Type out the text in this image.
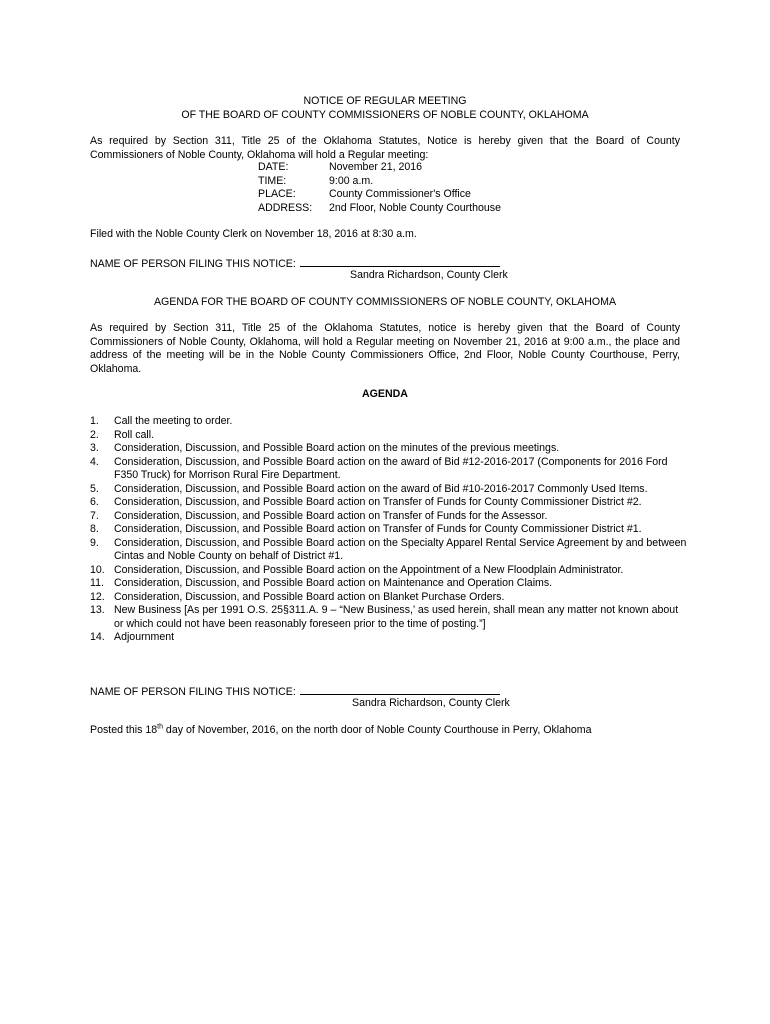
NOTICE OF REGULAR MEETING
OF THE BOARD OF COUNTY COMMISSIONERS OF NOBLE COUNTY, OKLAHOMA
As required by Section 311, Title 25 of the Oklahoma Statutes, Notice is hereby given that the Board of County Commissioners of Noble County, Oklahoma will hold a Regular meeting:
DATE:	November 21, 2016
TIME:	9:00 a.m.
PLACE:	County Commissioner's Office
ADDRESS:	2nd Floor, Noble County Courthouse
Filed with the Noble County Clerk on November 18, 2016 at 8:30 a.m.
NAME OF PERSON FILING THIS NOTICE:
Sandra Richardson, County Clerk
AGENDA FOR THE BOARD OF COUNTY COMMISSIONERS OF NOBLE COUNTY, OKLAHOMA
As required by Section 311, Title 25 of the Oklahoma Statutes, notice is hereby given that the Board of County Commissioners of Noble County, Oklahoma, will hold a Regular meeting on November 21, 2016 at 9:00 a.m., the place and address of the meeting will be in the Noble County Commissioners Office, 2nd Floor, Noble County Courthouse, Perry, Oklahoma.
AGENDA
1. Call the meeting to order.
2. Roll call.
3. Consideration, Discussion, and Possible Board action on the minutes of the previous meetings.
4. Consideration, Discussion, and Possible Board action on the award of Bid #12-2016-2017 (Components for 2016 Ford F350 Truck) for Morrison Rural Fire Department.
5. Consideration, Discussion, and Possible Board action on the award of Bid #10-2016-2017 Commonly Used Items.
6. Consideration, Discussion, and Possible Board action on Transfer of Funds for County Commissioner District #2.
7. Consideration, Discussion, and Possible Board action on Transfer of Funds for the Assessor.
8. Consideration, Discussion, and Possible Board action on Transfer of Funds for County Commissioner District #1.
9. Consideration, Discussion, and Possible Board action on the Specialty Apparel Rental Service Agreement by and between Cintas and Noble County on behalf of District #1.
10. Consideration, Discussion, and Possible Board action on the Appointment of a New Floodplain Administrator.
11. Consideration, Discussion, and Possible Board action on Maintenance and Operation Claims.
12. Consideration, Discussion, and Possible Board action on Blanket Purchase Orders.
13. New Business [As per 1991 O.S. 25§311.A. 9 – “New Business,’ as used herein, shall mean any matter not known about or which could not have been reasonably foreseen prior to the time of posting.”]
14. Adjournment
NAME OF PERSON FILING THIS NOTICE:
Sandra Richardson, County Clerk
Posted this 18th day of November, 2016, on the north door of Noble County Courthouse in Perry, Oklahoma
